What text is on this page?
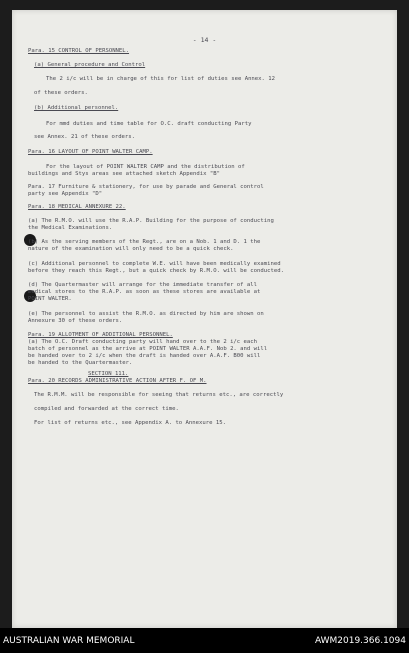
- 14 -
Para. 15 CONTROL OF PERSONNEL.
(a) General procedure and Control
The 2 i/c will be in charge of this for list of duties see Annex. 12
of these orders.
(b) Additional personnel.
For mmd duties and time table for O.C. draft conducting Party
see Annex. 21 of these orders.
Para. 16 LAYOUT OF POINT WALTER CAMP.
For the layout of POINT WALTER CAMP and the distribution of
buildings and Stys areas see attached sketch Appendix "B"
Para. 17 Furniture & stationery, for use by parade and General control
party see Appendix "D"
Para. 18 MEDICAL ANNEXURE 22.
(a) The R.M.O. will use the R.A.P. Building for the purpose of conducting
the Medical Examinations.
(b) As the serving members of the Regt., are on a Nob. 1 and D. 1 the
nature of the examination will only need to be a quick check.
(c) Additional personnel to complete W.E. will have been medically examined
before they reach this Regt., but a quick check by R.M.O. will be conducted.
(d) The Quartermaster will arrange for the immediate transfer of all
medical stores to the R.A.P. as soon as these stores are available at
POINT WALTER.
(e) The personnel to assist the R.M.O. as directed by him are shown on
Annexure 30 of these orders.
Para. 19 ALLOTMENT OF ADDITIONAL PERSONNEL.
(a) The O.C. Draft conducting party will hand over to the 2 i/c each
batch of personnel as the arrive at POINT WALTER A.A.F. Nob 2. and will
be handed over to 2 i/c when the draft is handed over A.A.F. B00 will
be handed to the Quartermaster.
SECTION 111.
Para. 20 RECORDS ADMINISTRATIVE ACTION AFTER F. OF M.
The R.M.M. will be responsible for seeing that returns etc., are correctly
compiled and forwarded at the correct time.
For list of returns etc., see Appendix A. to Annexure 15.
AUSTRALIAN WAR MEMORIAL	AWM2019.366.1094
